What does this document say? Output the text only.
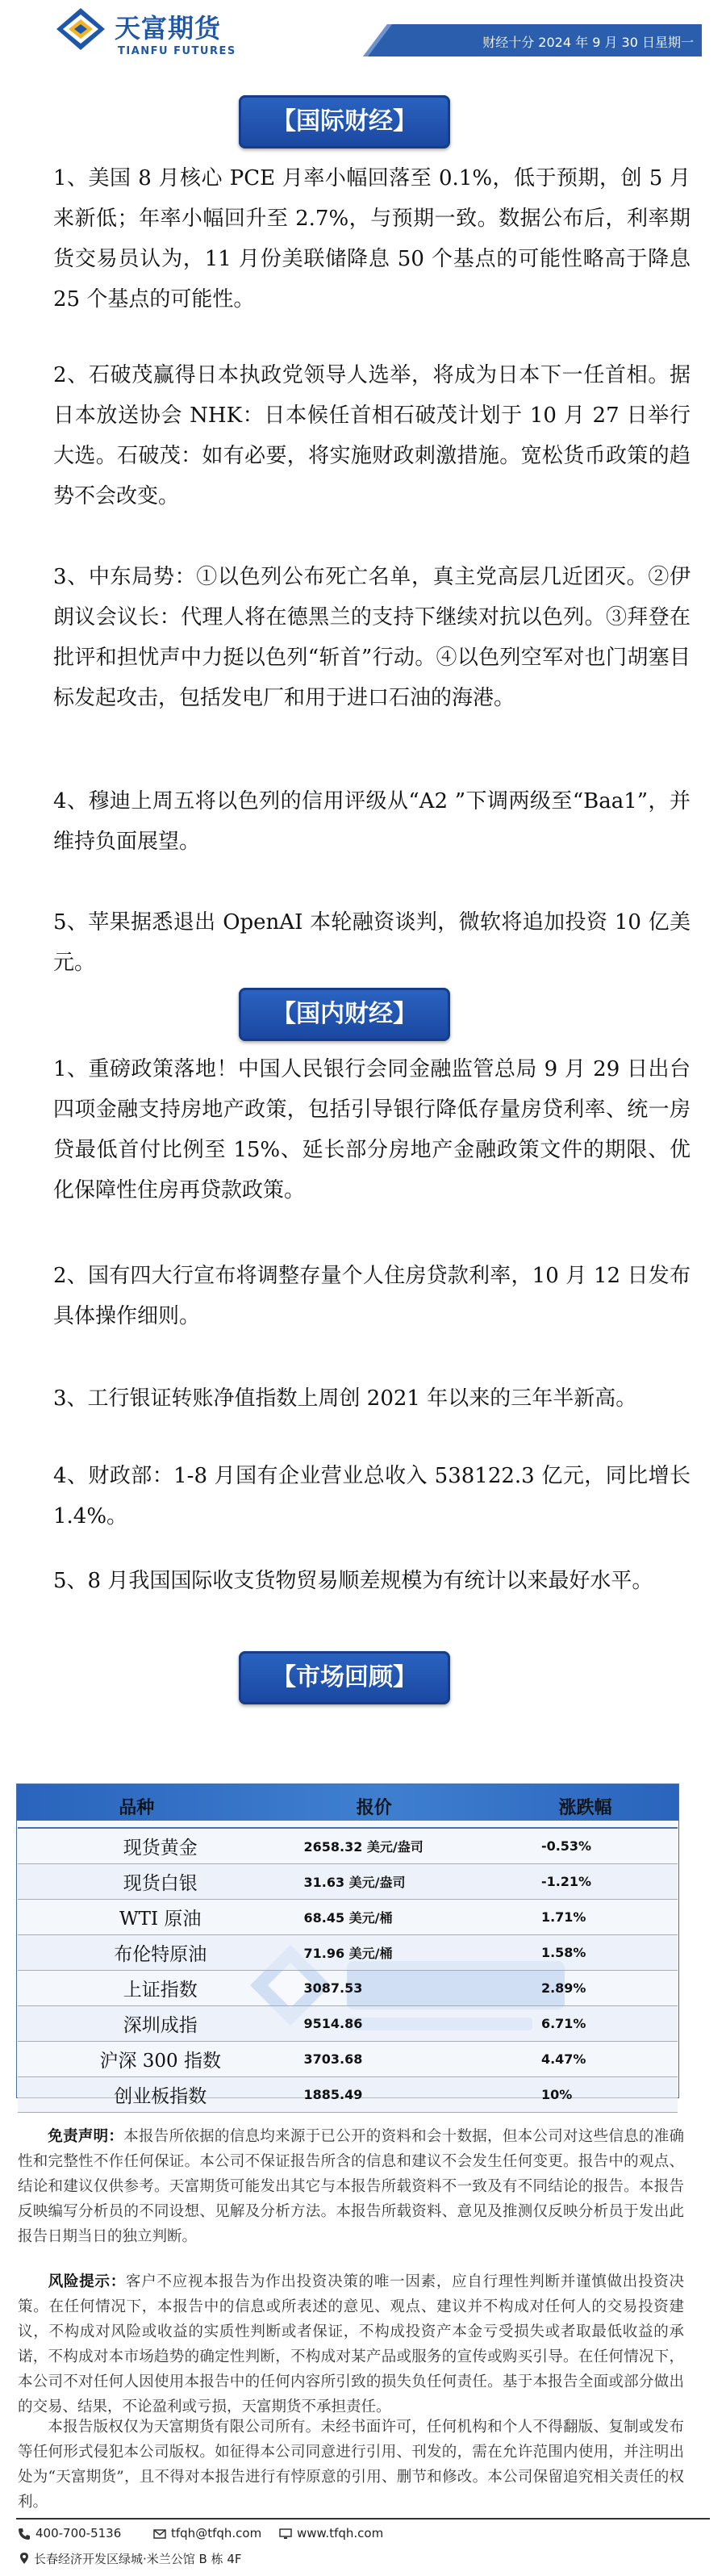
天富期货
TIANFU FUTURES
财经十分 2024 年 9 月 30 日星期一
【国际财经】

1、美国 8 月核心 PCE 月率小幅回落至 0.1%，低于预期，创 5 月来新低；年率小幅回升至 2.7%，与预期一致。数据公布后，利率期货交易员认为，11 月份美联储降息 50 个基点的可能性略高于降息 25 个基点的可能性。

2、石破茂赢得日本执政党领导人选举，将成为日本下一任首相。据日本放送协会 NHK：日本候任首相石破茂计划于 10 月 27 日举行大选。石破茂：如有必要，将实施财政刺激措施。宽松货币政策的趋势不会改变。

3、中东局势：①以色列公布死亡名单，真主党高层几近团灭。②伊朗议会议长：代理人将在德黑兰的支持下继续对抗以色列。③拜登在批评和担忧声中力挺以色列“斩首”行动。④以色列空军对也门胡塞目标发起攻击，包括发电厂和用于进口石油的海港。

4、穆迪上周五将以色列的信用评级从“A2 ”下调两级至“Baa1”，并维持负面展望。

5、苹果据悉退出 OpenAI 本轮融资谈判，微软将追加投资 10 亿美元。

【国内财经】

1、重磅政策落地！中国人民银行会同金融监管总局 9 月 29 日出台四项金融支持房地产政策，包括引导银行降低存量房贷利率、统一房贷最低首付比例至 15%、延长部分房地产金融政策文件的期限、优化保障性住房再贷款政策。

2、国有四大行宣布将调整存量个人住房贷款利率，10 月 12 日发布具体操作细则。

3、工行银证转账净值指数上周创 2021 年以来的三年半新高。

4、财政部：1-8 月国有企业营业总收入 538122.3 亿元，同比增长 1.4%。

5、8 月我国国际收支货物贸易顺差规模为有统计以来最好水平。

【市场回顾】
品种	报价	涨跌幅
现货黄金	2658.32 美元/盎司	-0.53%
现货白银	31.63 美元/盎司	-1.21%
WTI 原油	68.45 美元/桶	1.71%
布伦特原油	71.96 美元/桶	1.58%
上证指数	3087.53	2.89%
深圳成指	9514.86	6.71%
沪深 300 指数	3703.68	4.47%
创业板指数	1885.49	10%

  免责声明：本报告所依据的信息均来源于已公开的资料和会十数据，但本公司对这些信息的准确性和完整性不作任何保证。本公司不保证报告所含的信息和建议不会发生任何变更。报告中的观点、结论和建议仅供参考。天富期货可能发出其它与本报告所载资料不一致及有不同结论的报告。本报告反映编写分析员的不同设想、见解及分析方法。本报告所载资料、意见及推测仅反映分析员于发出此报告日期当日的独立判断。

  风险提示：客户不应视本报告为作出投资决策的唯一因素，应自行理性判断并谨慎做出投资决策。在任何情况下，本报告中的信息或所表述的意见、观点、建议并不构成对任何人的交易投资建议，不构成对风险或收益的实质性判断或者保证，不构成投资产本金亏受损失或者取最低收益的承诺，不构成对本市场趋势的确定性判断，不构成对某产品或服务的宣传或购买引导。在任何情况下，本公司不对任何人因使用本报告中的任何内容所引致的损失负任何责任。基于本报告全面或部分做出的交易、结果，不论盈利或亏损，天富期货不承担责任。

  本报告版权仅为天富期货有限公司所有。未经书面许可，任何机构和个人不得翻版、复制或发布等任何形式侵犯本公司版权。如征得本公司同意进行引用、刊发的，需在允许范围内使用，并注明出处为“天富期货”，且不得对本报告进行有悖原意的引用、删节和修改。本公司保留追究相关责任的权利。

400-700-5136	tfqh@tfqh.com	www.tfqh.com
长春经济开发区绿城·米兰公馆 B 栋 4F
